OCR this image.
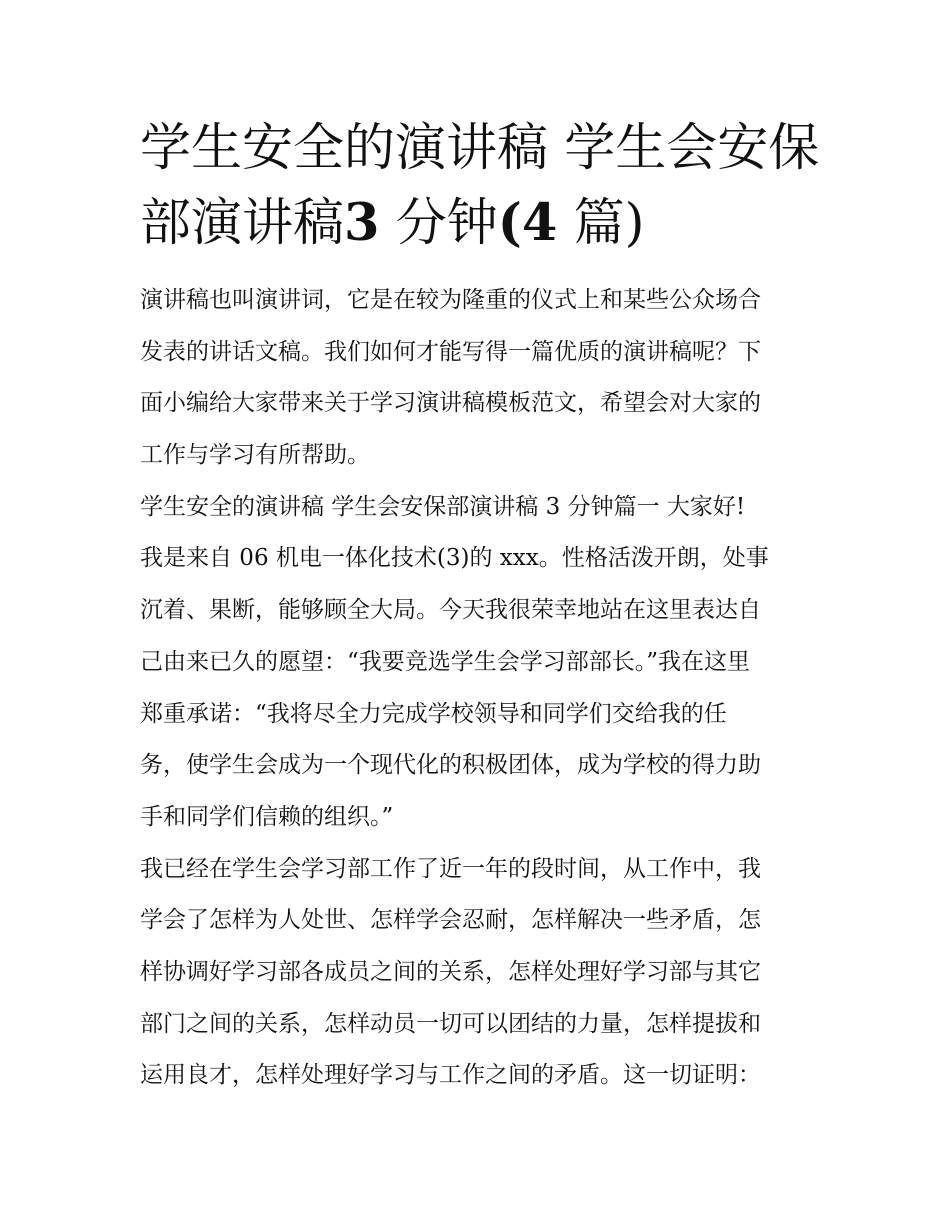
学生安全的演讲稿 学生会安保
部演讲稿3 分钟(4 篇)
演讲稿也叫演讲词，它是在较为隆重的仪式上和某些公众场合
发表的讲话文稿。我们如何才能写得一篇优质的演讲稿呢？下
面小编给大家带来关于学习演讲稿模板范文，希望会对大家的
工作与学习有所帮助。
学生安全的演讲稿 学生会安保部演讲稿 3 分钟篇一 大家好!
我是来自 06 机电一体化技术(3)的 xxx。性格活泼开朗，处事
沉着、果断，能够顾全大局。今天我很荣幸地站在这里表达自
己由来已久的愿望：“我要竞选学生会学习部部长。”我在这里
郑重承诺：“我将尽全力完成学校领导和同学们交给我的任
务，使学生会成为一个现代化的积极团体，成为学校的得力助
手和同学们信赖的组织。”
我已经在学生会学习部工作了近一年的段时间，从工作中，我
学会了怎样为人处世、怎样学会忍耐，怎样解决一些矛盾，怎
样协调好学习部各成员之间的关系，怎样处理好学习部与其它
部门之间的关系，怎样动员一切可以团结的力量，怎样提拔和
运用良才，怎样处理好学习与工作之间的矛盾。这一切证明：
